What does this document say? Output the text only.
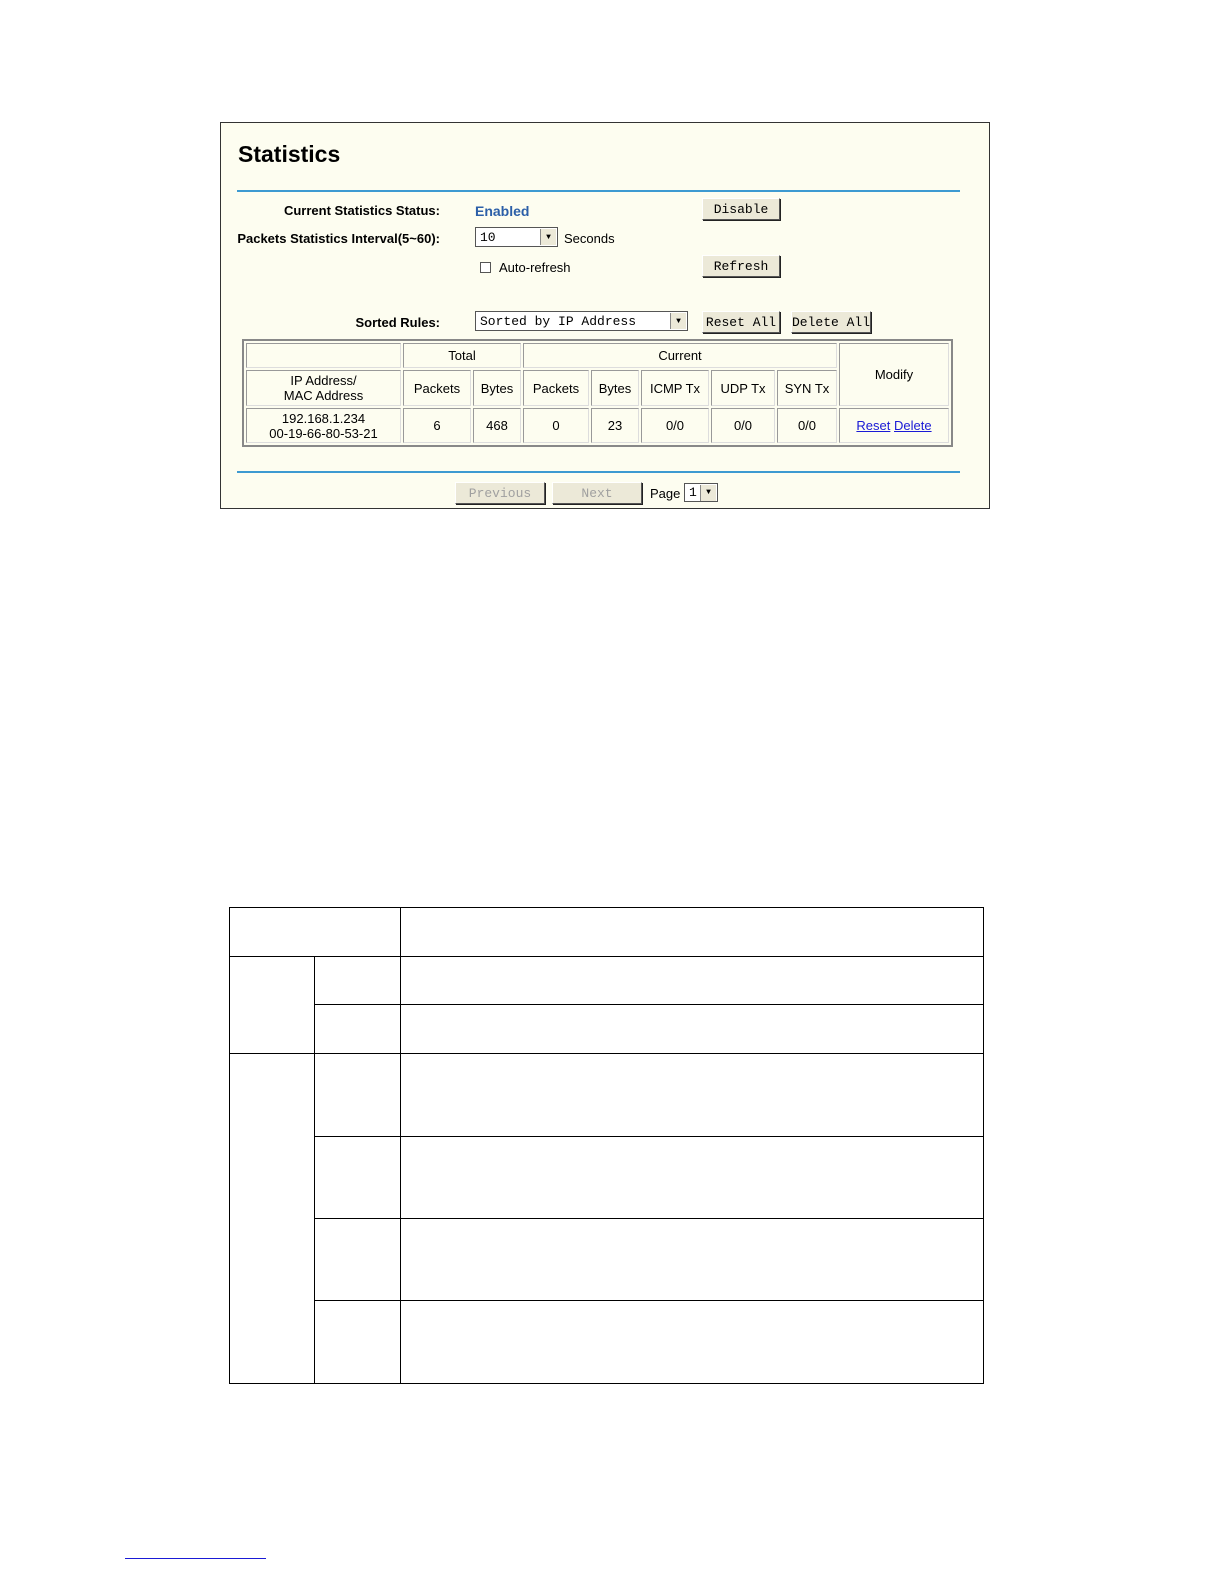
Statistics
Current Statistics Status:	Enabled	Disable
Packets Statistics Interval(5~60):	10	▼	Seconds
Auto-refresh	Refresh
Sorted Rules:	Sorted by IP Address	▼	Reset All Delete All
	Total		Current					Modify

IP Address/
MAC Address	Packets	Bytes	Packets	Bytes	ICMP Tx	UDP Tx	SYN Tx	

192.168.1.234
00-19-66-80-53-21	6	468	0	23	0/0	0/0	0/0	Reset Delete
Previous	Next	Page 1	▼
